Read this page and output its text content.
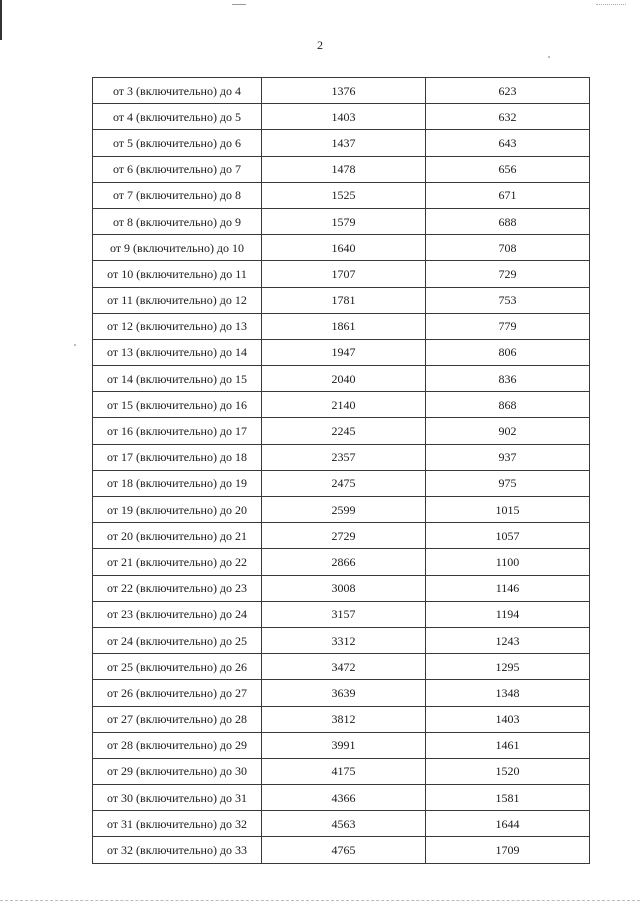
2
от 3 (включительно) до 4	1376	623
от 4 (включительно) до 5	1403	632
от 5 (включительно) до 6	1437	643
от 6 (включительно) до 7	1478	656
от 7 (включительно) до 8	1525	671
от 8 (включительно) до 9	1579	688
от 9 (включительно) до 10	1640	708
от 10 (включительно) до 11	1707	729
от 11 (включительно) до 12	1781	753
от 12 (включительно) до 13	1861	779
от 13 (включительно) до 14	1947	806
от 14 (включительно) до 15	2040	836
от 15 (включительно) до 16	2140	868
от 16 (включительно) до 17	2245	902
от 17 (включительно) до 18	2357	937
от 18 (включительно) до 19	2475	975
от 19 (включительно) до 20	2599	1015
от 20 (включительно) до 21	2729	1057
от 21 (включительно) до 22	2866	1100
от 22 (включительно) до 23	3008	1146
от 23 (включительно) до 24	3157	1194
от 24 (включительно) до 25	3312	1243
от 25 (включительно) до 26	3472	1295
от 26 (включительно) до 27	3639	1348
от 27 (включительно) до 28	3812	1403
от 28 (включительно) до 29	3991	1461
от 29 (включительно) до 30	4175	1520
от 30 (включительно) до 31	4366	1581
от 31 (включительно) до 32	4563	1644
от 32 (включительно) до 33	4765	1709
